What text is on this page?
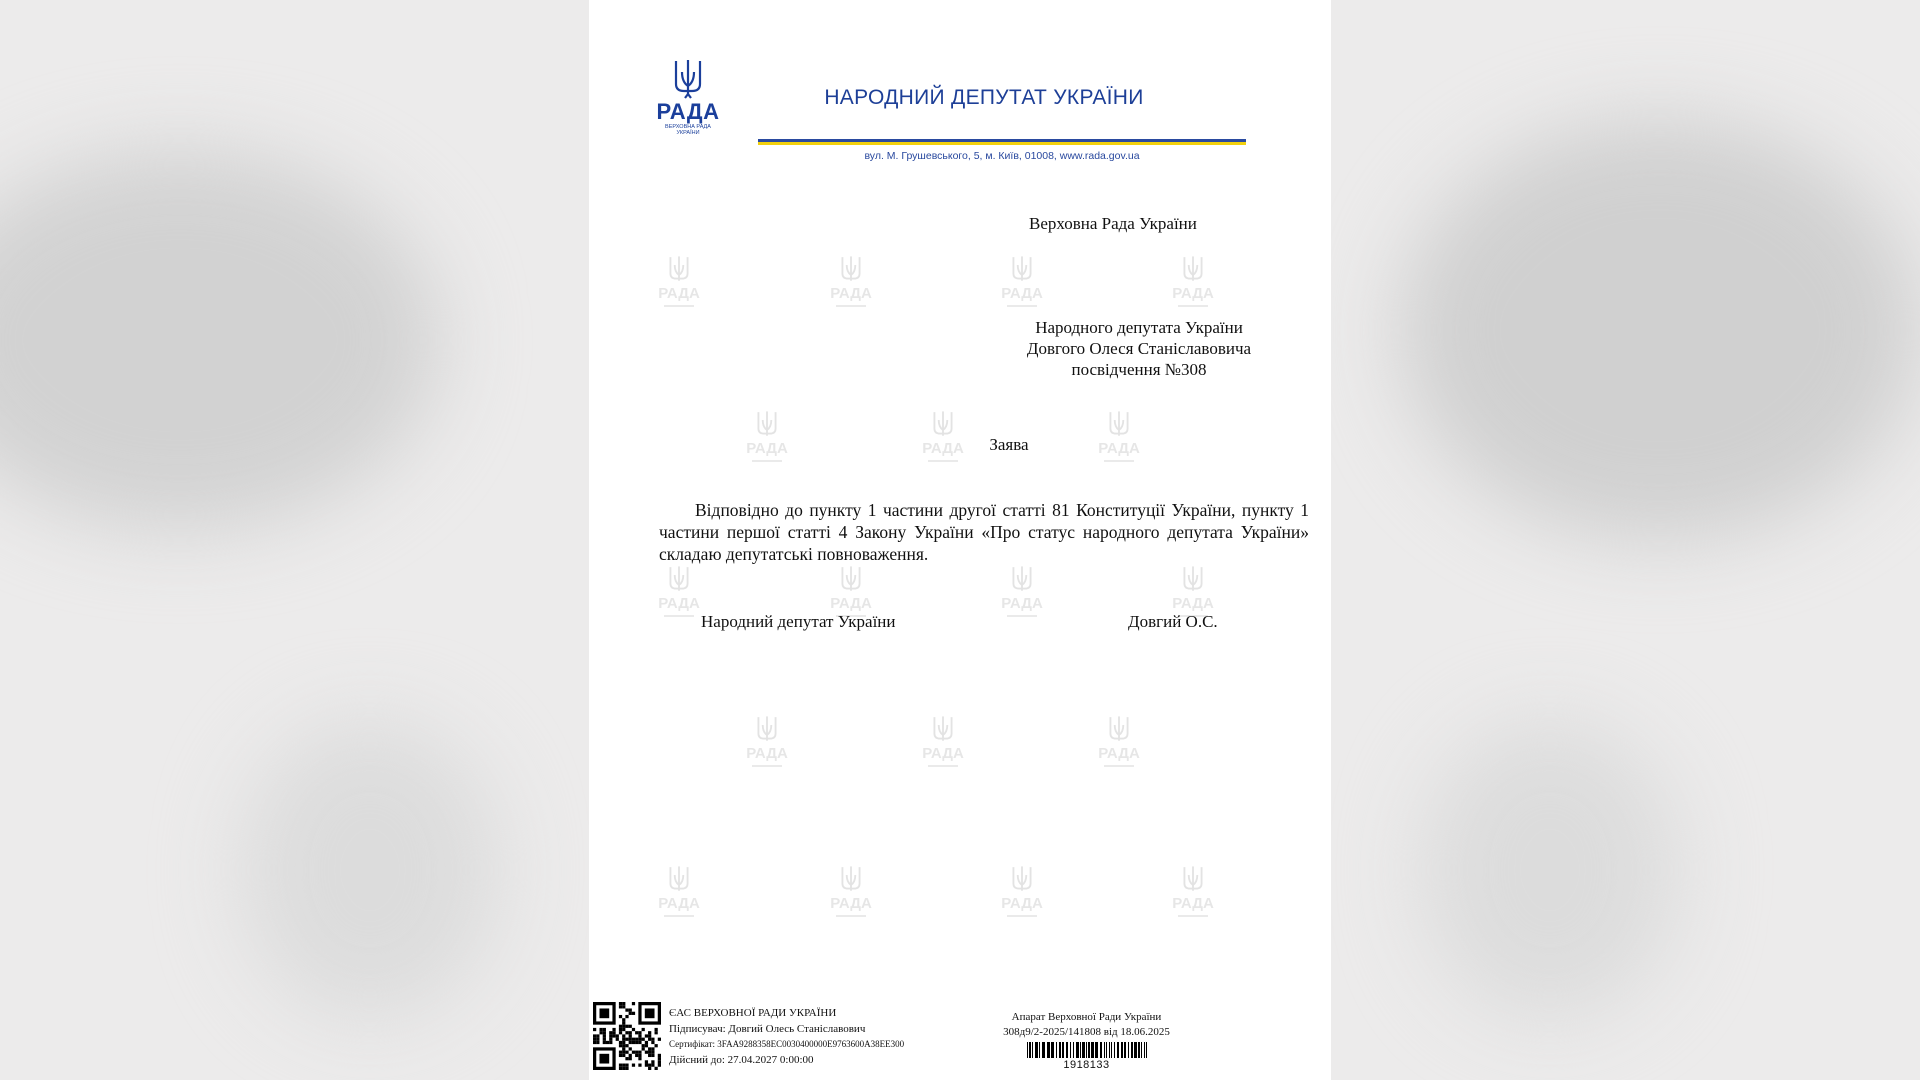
РАДА	РАДА	РАДА	РАДА
РАДА	РАДА	РАДА
РАДА	РАДА	РАДА	РАДА
РАДА	РАДА	РАДА
РАДА	РАДА	РАДА	РАДА
РАДА
ВЕРХОВНА РАДА
УКРАЇНИ
НАРОДНИЙ ДЕПУТАТ УКРАЇНИ
вул. М. Грушевського, 5, м. Київ, 01008, www.rada.gov.ua
Верховна Рада України
Народного депутата України
Довгого Олеся Станіславовича
посвідчення №308
Заява
Відповідно до пункту 1 частини другої статті 81 Конституції України, пункту 1 частини першої статті 4 Закону України «Про статус народного депутата України» складаю депутатські повноваження.
Народний депутат України	Довгий О.С.
ЄАС ВЕРХОВНОЇ РАДИ УКРАЇНИ
Підписувач: Довгий Олесь Станіславович
Сертифікат: 3FAA9288358EC0030400000E9763600A38EE300
Дійсний до: 27.04.2027 0:00:00
Апарат Верховної Ради України
308д9/2-2025/141808 від 18.06.2025
1918133
